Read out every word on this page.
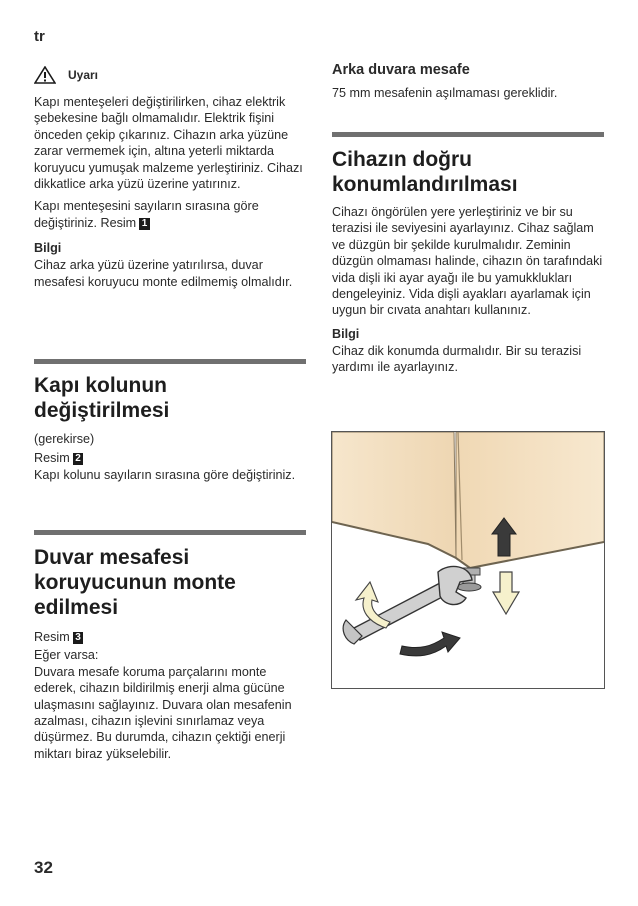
tr
Uyarı

Kapı menteşeleri değiştirilirken, cihaz elektrik şebekesine bağlı olmamalıdır. Elektrik fişini önceden çekip çıkarınız. Cihazın arka yüzüne zarar vermemek için, altına yeterli miktarda koruyucu yumuşak malzeme yerleştiriniz. Cihazı dikkatlice arka yüzü üzerine yatırınız.

Kapı menteşesini sayıların sırasına göre değiştiriniz. Resim 1

Bilgi

Cihaz arka yüzü üzerine yatırılırsa, duvar mesafesi koruyucu monte edilmemiş olmalıdır.

Kapı kolunun değiştirilmesi

(gerekirse)

Resim 2

Kapı kolunu sayıların sırasına göre değiştiriniz.

Duvar mesafesi koruyucunun monte edilmesi

Resim 3

Eğer varsa:

Duvara mesafe koruma parçalarını monte ederek, cihazın bildirilmiş enerji alma gücüne ulaşmasını sağlayınız. Duvara olan mesafenin azalması, cihazın işlevini sınırlamaz veya düşürmez. Bu durumda, cihazın çektiği enerji miktarı biraz yükselebilir.

Arka duvara mesafe

75 mm mesafenin aşılmaması gereklidir.

Cihazın doğru konumlandırılması

Cihazı öngörülen yere yerleştiriniz ve bir su terazisi ile seviyesini ayarlayınız. Cihaz sağlam ve düzgün bir şekilde kurulmalıdır. Zeminin düzgün olmaması halinde, cihazın ön tarafındaki vida dişli iki ayar ayağı ile bu yamukklukları dengeleyiniz. Vida dişli ayakları ayarlamak için uygun bir cıvata anahtarı kullanınız.

Bilgi

Cihaz dik konumda durmalıdır. Bir su terazisi yardımı ile ayarlayınız.

32
